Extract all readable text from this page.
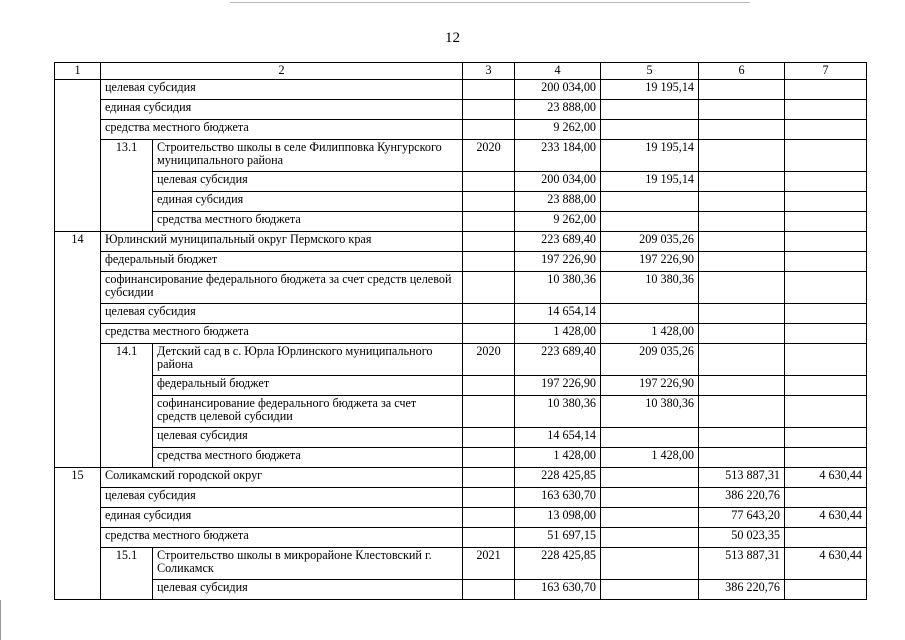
12
1	2		3	4	5	6	7
	целевая субсидия			200 034,00	19 195,14		
	единая субсидия			23 888,00			
	средства местного бюджета			9 262,00			
	13.1	Строительство школы в селе Филипповка Кунгурского муниципального района	2020	233 184,00	19 195,14		
		целевая субсидия		200 034,00	19 195,14		
		единая субсидия		23 888,00			
		средства местного бюджета		9 262,00			
14	Юрлинский муниципальный округ Пермского края			223 689,40	209 035,26		
	федеральный бюджет			197 226,90	197 226,90		
	софинансирование федерального бюджета за счет средств целевой субсидии			10 380,36	10 380,36		
	целевая субсидия			14 654,14			
	средства местного бюджета			1 428,00	1 428,00		
	14.1	Детский сад в с. Юрла Юрлинского муниципального района	2020	223 689,40	209 035,26		
		федеральный бюджет		197 226,90	197 226,90		
		софинансирование федерального бюджета за счет средств целевой субсидии		10 380,36	10 380,36		
		целевая субсидия		14 654,14			
		средства местного бюджета		1 428,00	1 428,00		
15	Соликамский городской округ			228 425,85		513 887,31	4 630,44
	целевая субсидия			163 630,70		386 220,76	
	единая субсидия			13 098,00		77 643,20	4 630,44
	средства местного бюджета			51 697,15		50 023,35	
	15.1	Строительство школы в микрорайоне Клестовский г. Соликамск	2021	228 425,85		513 887,31	4 630,44
		целевая субсидия		163 630,70		386 220,76	
